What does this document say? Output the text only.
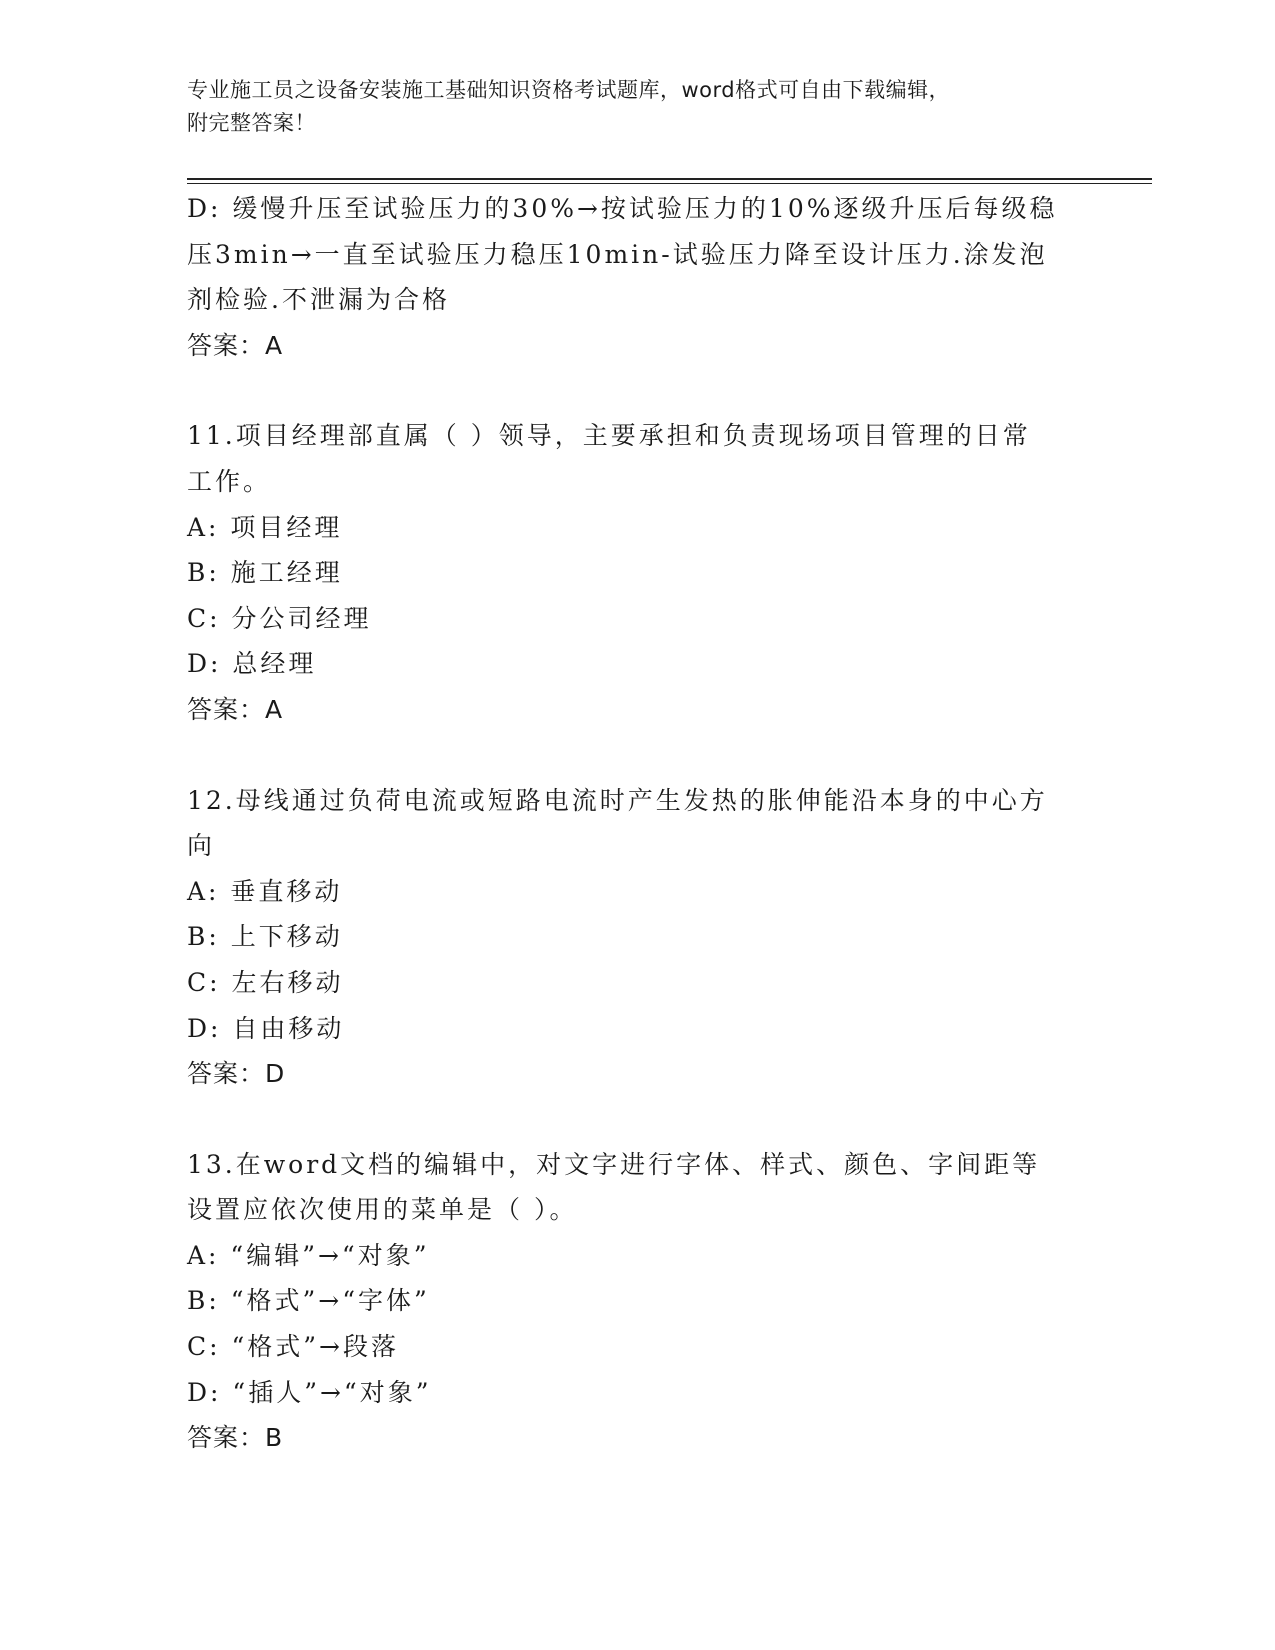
专业施工员之设备安装施工基础知识资格考试题库，word格式可自由下载编辑，
附完整答案！
D: 缓慢升压至试验压力的30%→按试验压力的10%逐级升压后每级稳
压3min→一直至试验压力稳压10min-试验压力降至设计压力.涂发泡
剂检验.不泄漏为合格
答案：A
11.项目经理部直属（ ）领导，主要承担和负责现场项目管理的日常
工作。
A: 项目经理
B: 施工经理
C: 分公司经理
D: 总经理
答案：A
12.母线通过负荷电流或短路电流时产生发热的胀伸能沿本身的中心方
向
A: 垂直移动
B: 上下移动
C: 左右移动
D: 自由移动
答案：D
13.在word文档的编辑中，对文字进行字体、样式、颜色、字间距等
设置应依次使用的菜单是（ ）。
A: “编辑”→“对象”
B: “格式”→“字体”
C: “格式”→段落
D: “插人”→“对象”
答案：B
